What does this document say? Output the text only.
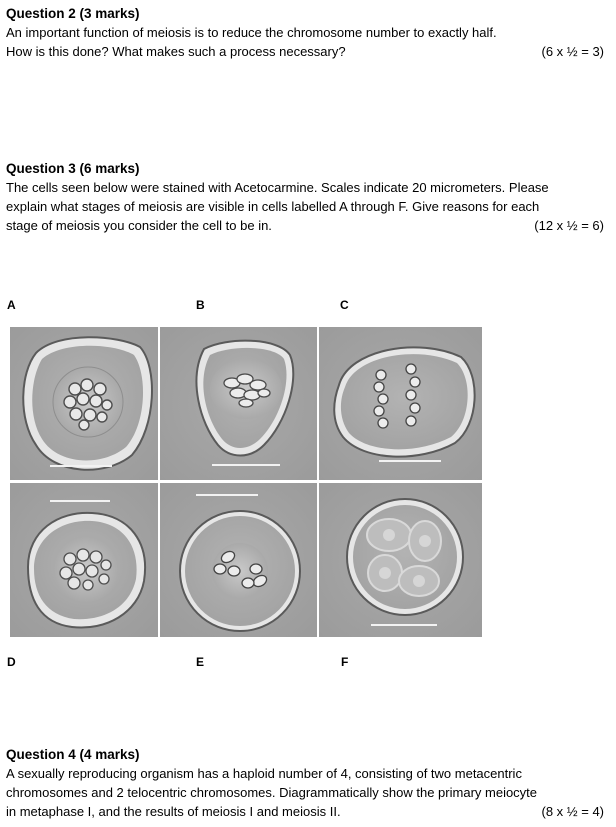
Question 2 (3 marks)
An important function of meiosis is to reduce the chromosome number to exactly half.
How is this done? What makes such a process necessary?	(6 x ½ = 3)
Question 3 (6 marks)
The cells seen below were stained with Acetocarmine. Scales indicate 20 micrometers. Please
explain what stages of meiosis are visible in cells labelled A through F. Give reasons for each
stage of meiosis you consider the cell to be in.	(12 x ½ = 6)
A	B	C
D	E	F
Question 4 (4 marks)
A sexually reproducing organism has a haploid number of 4, consisting of two metacentric
chromosomes and 2 telocentric chromosomes. Diagrammatically show the primary meiocyte
in metaphase I, and the results of meiosis I and meiosis II.	(8 x ½ = 4)
